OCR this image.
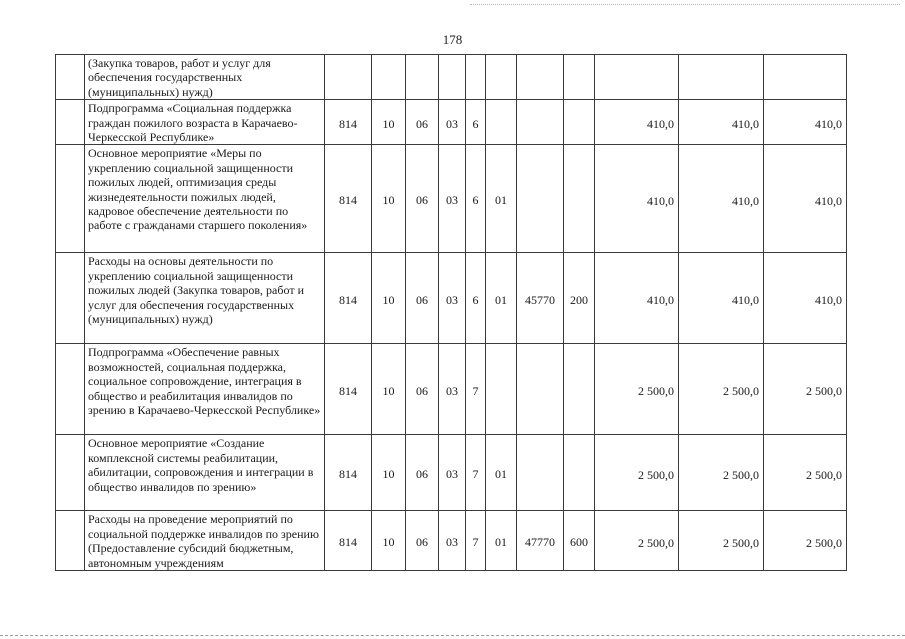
178
	(Закупка товаров, работ и услуг для обеспечения государственных (муниципальных) нужд)											
	Подпрограмма «Социальная поддержка граждан пожилого возраста в Карачаево-Черкесской Республике»	814	10	06	03	6				410,0	410,0	410,0
	Основное мероприятие «Меры по укреплению социальной защищенности пожилых людей, оптимизация среды жизнедеятельности пожилых людей, кадровое обеспечение деятельности по работе с гражданами старшего поколения»	814	10	06	03	6	01			410,0	410,0	410,0
	Расходы на основы деятельности по укреплению социальной защищенности пожилых людей (Закупка товаров, работ и услуг для обеспечения государственных (муниципальных) нужд)	814	10	06	03	6	01	45770	200	410,0	410,0	410,0
	Подпрограмма «Обеспечение равных возможностей, социальная поддержка, социальное сопровождение, интеграция в общество и реабилитация инвалидов по зрению в Карачаево-Черкесской Республике»	814	10	06	03	7				2 500,0	2 500,0	2 500,0
	Основное мероприятие «Создание комплексной системы реабилитации, абилитации, сопровождения и интеграции в общество инвалидов по зрению»	814	10	06	03	7	01			2 500,0	2 500,0	2 500,0
	Расходы на проведение мероприятий по социальной поддержке инвалидов по зрению (Предоставление субсидий бюджетным, автономным учреждениям	814	10	06	03	7	01	47770	600	2 500,0	2 500,0	2 500,0
